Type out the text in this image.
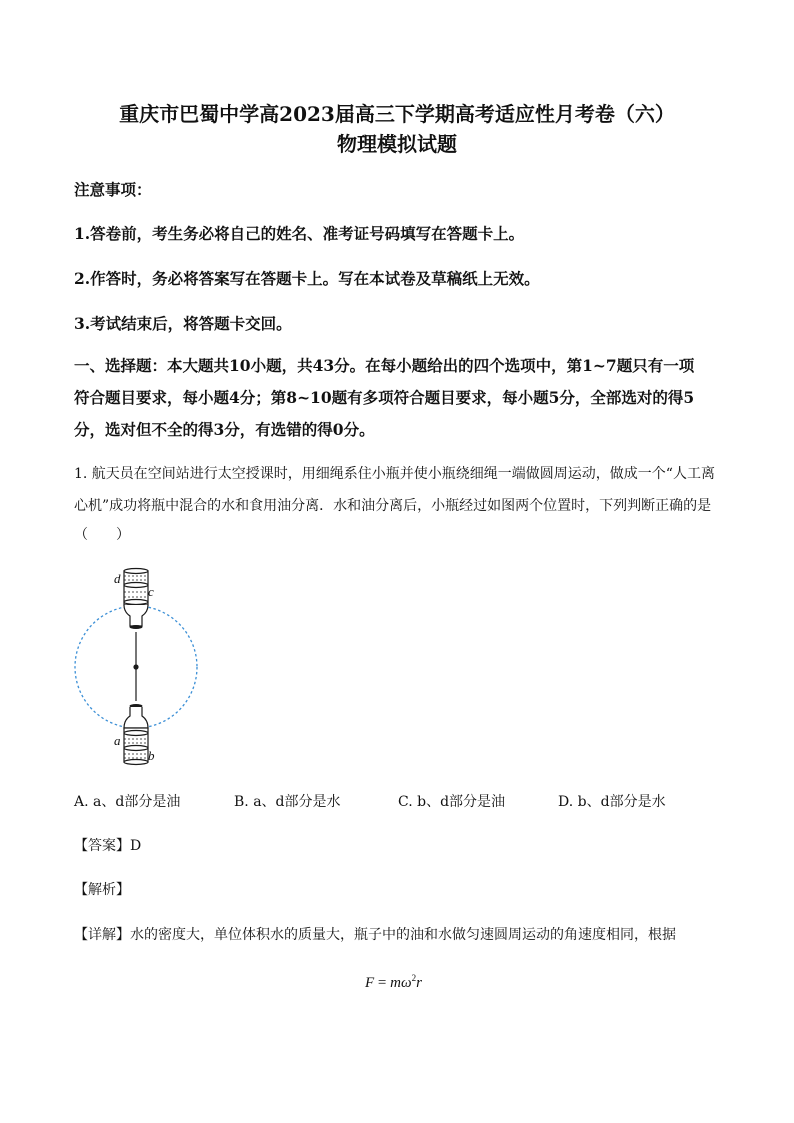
重庆市巴蜀中学高2023届高三下学期高考适应性月考卷（六）
物理模拟试题
注意事项：
1.答卷前，考生务必将自己的姓名、准考证号码填写在答题卡上。
2.作答时，务必将答案写在答题卡上。写在本试卷及草稿纸上无效。
3.考试结束后，将答题卡交回。
一、选择题：本大题共10小题，共43分。在每小题给出的四个选项中，第1~7题只有一项
符合题目要求，每小题4分；第8~10题有多项符合题目要求，每小题5分，全部选对的得5
分，选对但不全的得3分，有选错的得0分。
1. 航天员在空间站进行太空授课时，用细绳系住小瓶并使小瓶绕细绳一端做圆周运动，做成一个“人工离
心机”成功将瓶中混合的水和食用油分离．水和油分离后，小瓶经过如图两个位置时，下列判断正确的是
（　　）
d
c
a
b
A. a、d部分是油	B. a、d部分是水	C. b、d部分是油	D. b、d部分是水
【答案】D
【解析】
【详解】水的密度大，单位体积水的质量大，瓶子中的油和水做匀速圆周运动的角速度相同，根据
$F = m\omega^2r$
